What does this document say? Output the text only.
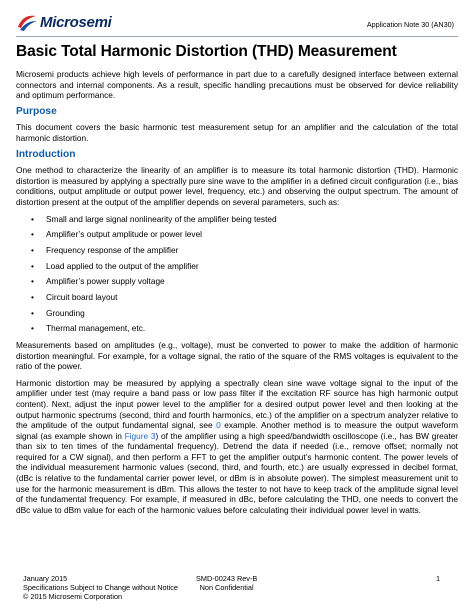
Microsemi	Application Note 30 (AN30)
Basic Total Harmonic Distortion (THD) Measurement

Microsemi products achieve high levels of performance in part due to a carefully designed interface between external connectors and internal components. As a result, specific handling precautions must be observed for device reliability and optimum performance.

Purpose

This document covers the basic harmonic test measurement setup for an amplifier and the calculation of the total harmonic distortion.

Introduction

One method to characterize the linearity of an amplifier is to measure its total harmonic distortion (THD). Harmonic distortion is measured by applying a spectrally pure sine wave to the amplifier in a defined circuit configuration (i.e., bias conditions, output amplitude or output power level, frequency, etc.) and observing the output spectrum. The amount of distortion present at the output of the amplifier depends on several parameters, such as:

• Small and large signal nonlinearity of the amplifier being tested
• Amplifier’s output amplitude or power level
• Frequency response of the amplifier
• Load applied to the output of the amplifier
• Amplifier’s power supply voltage
• Circuit board layout
• Grounding
• Thermal management, etc.

Measurements based on amplitudes (e.g., voltage), must be converted to power to make the addition of harmonic distortion meaningful. For example, for a voltage signal, the ratio of the square of the RMS voltages is equivalent to the ratio of the power.

Harmonic distortion may be measured by applying a spectrally clean sine wave voltage signal to the input of the amplifier under test (may require a band pass or low pass filter if the excitation RF source has high harmonic output content). Next, adjust the input power level to the amplifier for a desired output power level and then looking at the output harmonic spectrums (second, third and fourth harmonics, etc.) of the amplifier on a spectrum analyzer relative to the amplitude of the output fundamental signal, see 0 example. Another method is to measure the output waveform signal (as example shown in Figure 3) of the amplifier using a high speed/bandwidth oscilloscope (i.e., has BW greater than six to ten times of the fundamental frequency). Detrend the data if needed (i.e., remove offset; normally not required for a CW signal), and then perform a FFT to get the amplifier output’s harmonic content. The power levels of the individual measurement harmonic values (second, third, and fourth, etc.) are usually expressed in decibel format, (dBc is relative to the fundamental carrier power level, or dBm is in absolute power). The simplest measurement unit to use for the harmonic measurement is dBm. This allows the tester to not have to keep track of the amplitude signal level of the fundamental frequency. For example, if measured in dBc, before calculating the THD, one needs to convert the dBc value to dBm value for each of the harmonic values before calculating their individual power level in watts.

January 2015
Specifications Subject to Change without Notice
© 2015 Microsemi Corporation
SMD-00243 Rev-B
Non Confidential
1
